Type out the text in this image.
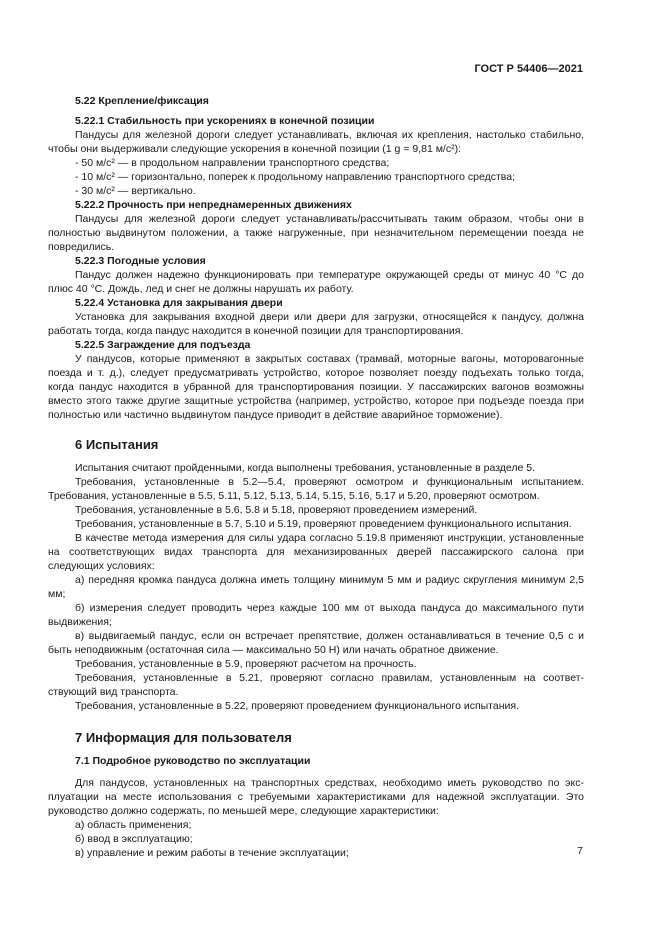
ГОСТ Р 54406—2021
5.22 Крепление/фиксация
5.22.1 Стабильность при ускорениях в конечной позиции

Пандусы для железной дороги следует устанавливать, включая их крепления, настолько стабильно, чтобы они выдерживали следующие ускорения в конечной позиции (1 g = 9,81 м/с²):

- 50 м/с² — в продольном направлении транспортного средства;

- 10 м/с² — горизонтально, поперек к продольному направлению транспортного средства;

- 30 м/с² — вертикально.

5.22.2 Прочность при непреднамеренных движениях

Пандусы для железной дороги следует устанавливать/рассчитывать таким образом, чтобы они в полностью выдвинутом положении, а также нагруженные, при незначительном перемещении поезда не повредились.

5.22.3 Погодные условия

Пандус должен надежно функционировать при температуре окружающей среды от минус 40 °С до плюс 40 °С. Дождь, лед и снег не должны нарушать их работу.

5.22.4 Установка для закрывания двери

Установка для закрывания входной двери или двери для загрузки, относящейся к пандусу, должна работать тогда, когда пандус находится в конечной позиции для транспортирования.

5.22.5 Заграждение для подъезда

У пандусов, которые применяют в закрытых составах (трамвай, моторные вагоны, моторовагонные поезда и т. д.), следует предусматривать устройство, которое позволяет поезду подъехать только тогда, когда пандус находится в убранной для транспортирования позиции. У пассажирских вагонов возможны вместо этого также другие защитные устройства (например, устройство, которое при подъезде поезда при полностью или частично выдвинутом пандусе приводит в действие аварийное торможение).

6 Испытания

Испытания считают пройденными, когда выполнены требования, установленные в разделе 5.

Требования, установленные в 5.2—5.4, проверяют осмотром и функциональным испытанием. Требования, установленные в 5.5, 5.11, 5.12, 5.13, 5.14, 5.15, 5.16, 5.17 и 5.20, проверяют осмотром.

Требования, установленные в 5.6, 5.8 и 5.18, проверяют проведением измерений.

Требования, установленные в 5.7, 5.10 и 5.19, проверяют проведением функционального испытания.

В качестве метода измерения для силы удара согласно 5.19.8 применяют инструкции, установленные на соответствующих видах транспорта для механизированных дверей пассажирского салона при следующих условиях:

а) передняя кромка пандуса должна иметь толщину минимум 5 мм и радиус скругления минимум 2,5 мм;

б) измерения следует проводить через каждые 100 мм от выхода пандуса до максимального пути выдвижения;

в) выдвигаемый пандус, если он встречает препятствие, должен останавливаться в течение 0,5 с и быть неподвижным (остаточная сила — максимально 50 Н) или начать обратное движение.

Требования, установленные в 5.9, проверяют расчетом на прочность.

Требования, установленные в 5.21, проверяют согласно правилам, установленным на соответствующий вид транспорта.

Требования, установленные в 5.22, проверяют проведением функционального испытания.

7 Информация для пользователя
7.1 Подробное руководство по эксплуатации

Для пандусов, установленных на транспортных средствах, необходимо иметь руководство по эксплуатации на месте использования с требуемыми характеристиками для надежной эксплуатации. Это руководство должно содержать, по меньшей мере, следующие характеристики:

а) область применения;

б) ввод в эксплуатацию;

в) управление и режим работы в течение эксплуатации;	7
